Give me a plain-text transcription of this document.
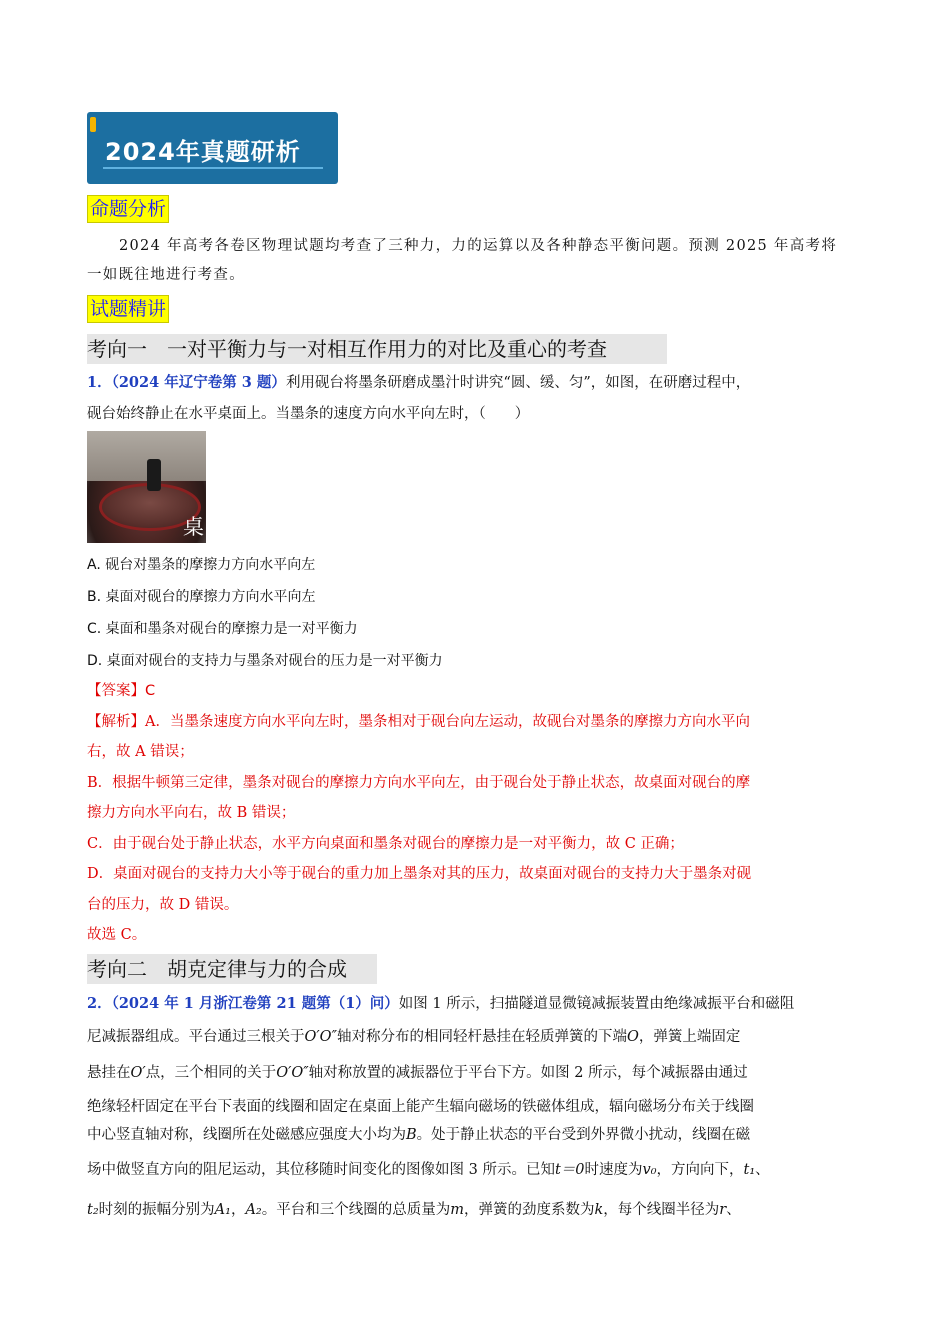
2024年真题研析
命题分析
2024 年高考各卷区物理试题均考查了三种力，力的运算以及各种静态平衡问题。预测 2025 年高考将
一如既往地进行考查。
试题精讲
考向一　一对平衡力与一对相互作用力的对比及重心的考查
1．（2024 年辽宁卷第 3 题）利用砚台将墨条研磨成墨汁时讲究“圆、缓、匀”，如图，在研磨过程中，
砚台始终静止在水平桌面上。当墨条的速度方向水平向左时，（　　）
桌
A. 砚台对墨条的摩擦力方向水平向左
B. 桌面对砚台的摩擦力方向水平向左
C. 桌面和墨条对砚台的摩擦力是一对平衡力
D. 桌面对砚台的支持力与墨条对砚台的压力是一对平衡力
【答案】C
【解析】A．当墨条速度方向水平向左时，墨条相对于砚台向左运动，故砚台对墨条的摩擦力方向水平向
右，故 A 错误；
B．根据牛顿第三定律，墨条对砚台的摩擦力方向水平向左，由于砚台处于静止状态，故桌面对砚台的摩
擦力方向水平向右，故 B 错误；
C．由于砚台处于静止状态，水平方向桌面和墨条对砚台的摩擦力是一对平衡力，故 C 正确；
D．桌面对砚台的支持力大小等于砚台的重力加上墨条对其的压力，故桌面对砚台的支持力大于墨条对砚
台的压力，故 D 错误。
故选 C。
考向二　胡克定律与力的合成
2．（2024 年 1 月浙江卷第 21 题第（1）问）如图 1 所示，扫描隧道显微镜减振装置由绝缘减振平台和磁阻
尼减振器组成。平台通过三根关于O′O″轴对称分布的相同轻杆悬挂在轻质弹簧的下端O，弹簧上端固定
悬挂在O′点，三个相同的关于O′O″轴对称放置的减振器位于平台下方。如图 2 所示，每个减振器由通过
绝缘轻杆固定在平台下表面的线圈和固定在桌面上能产生辐向磁场的铁磁体组成，辐向磁场分布关于线圈
中心竖直轴对称，线圈所在处磁感应强度大小均为B。处于静止状态的平台受到外界微小扰动，线圈在磁
场中做竖直方向的阻尼运动，其位移随时间变化的图像如图 3 所示。已知t＝0时速度为v₀，方向向下，t₁、
t₂时刻的振幅分别为A₁，A₂。平台和三个线圈的总质量为m，弹簧的劲度系数为k，每个线圈半径为r、
